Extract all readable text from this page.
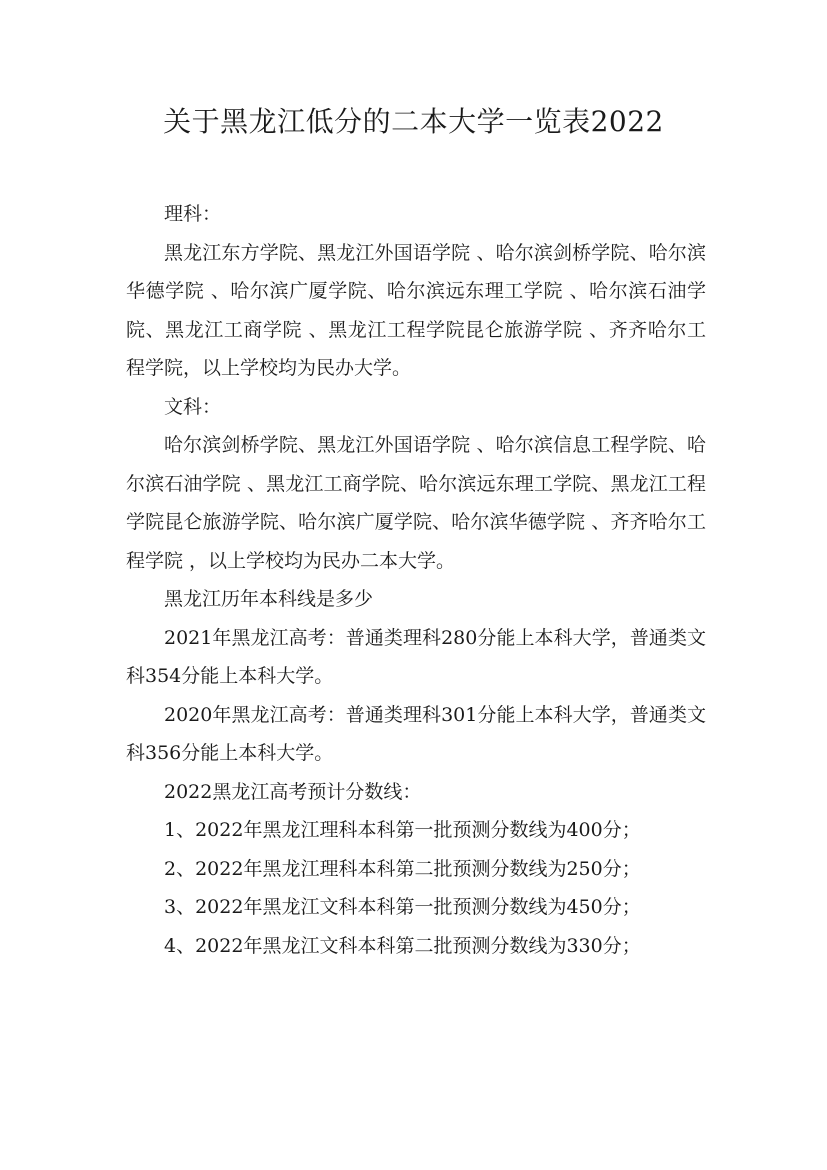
关于黑龙江低分的二本大学一览表2022

理科：

黑龙江东方学院、黑龙江外国语学院 、哈尔滨剑桥学院、哈尔滨华德学院 、哈尔滨广厦学院、哈尔滨远东理工学院 、哈尔滨石油学院、黑龙江工商学院 、黑龙江工程学院昆仑旅游学院 、齐齐哈尔工程学院，以上学校均为民办大学。

文科：

哈尔滨剑桥学院、黑龙江外国语学院 、哈尔滨信息工程学院、哈尔滨石油学院 、黑龙江工商学院、哈尔滨远东理工学院、黑龙江工程学院昆仑旅游学院、哈尔滨广厦学院、哈尔滨华德学院 、齐齐哈尔工程学院 ，以上学校均为民办二本大学。

黑龙江历年本科线是多少

2021年黑龙江高考：普通类理科280分能上本科大学，普通类文科354分能上本科大学。

2020年黑龙江高考：普通类理科301分能上本科大学，普通类文科356分能上本科大学。

2022黑龙江高考预计分数线：

1、2022年黑龙江理科本科第一批预测分数线为400分；

2、2022年黑龙江理科本科第二批预测分数线为250分；

3、2022年黑龙江文科本科第一批预测分数线为450分；

4、2022年黑龙江文科本科第二批预测分数线为330分；
